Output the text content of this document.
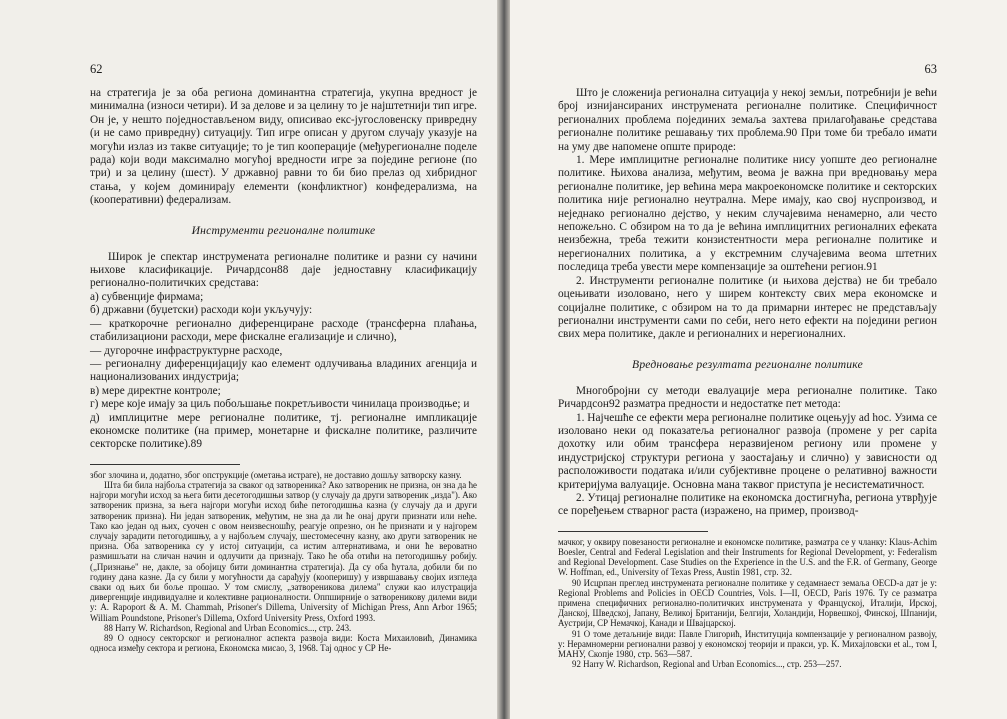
62

на стратегија је за оба региона доминантна стратегија, укупна вредност је минимална (износи четири). И за делове и за целину то је најштетнији тип игре. Он је, у нешто поједностављеном виду, описивао екс-југословенску привредну (и не само привредну) ситуацију. Тип игре описан у другом случају указује на могући излаз из такве ситуације; то је тип кооперације (међурегионалне поделе рада) који води максимално могућој вредности игре за поједине регионе (по три) и за целину (шест). У државној равни то би био прелаз од хибридног стања, у којем доминирају елементи (конфликтног) конфедерализма, на (кооперативни) федерализам.

Инструменти регионалне политике

Широк је спектар инструмената регионалне политике и разни су начини њихове класификације. Ричардсон88 даје једноставну класификацију регионално-политичких средстава:

а) субвенције фирмама;

б) државни (буџетски) расходи који укључују:

— краткорочне регионално диференциране расходе (трансферна плаћања, стабилизациони расходи, мере фискалне егализације и слично),

— дугорочне инфраструктурне расходе,

— регионалну диференцијацију као елемент одлучивања владиних агенција и национализованих индустрија;

в) мере директне контроле;

г) мере које имају за циљ побољшање покретљивости чинилаца производње; и

д) имплицитне мере регионалне политике, тј. регионалне импликације економске политике (на пример, монетарне и фискалне политике, различите секторске политике).89

због злочина и, додатно, због опструкције (ометања истраге), не доставио дошљу затворску казну.

Шта би била најбоља стратегија за сваког од затвореника? Ако затвореник не призна, он зна да ће најгори могући исход за њега бити десетогодишњи затвор (у случају да други затвореник „издa"). Ако затвореник призна, за њега најгори могући исход биће петогодишња казна (у случају да и други затвореник призна). Ни један затвореник, међутим, не зна да ли ће онај други признати или неће. Тако као један од њих, суочен с овом неизвесношћу, реагује опрезно, он ће признати и у најгорем случају зарадити петогодишњу, а у најбољем случају, шестомесечну казну, ако други затвореник не призна. Оба затвореника су у истој ситуацији, са истим алтернативама, и они ће вероватно размишљати на сличан начин и одлучити да признају. Тако ће оба отићи на петогодишњу робију. („Признање" не, дакле, за обојицу бити доминантна стратегија). Да су оба ћутала, добили би по годину дана казне. Да су били у могућности да сарађују (кооперишу) у извршавању својих изгледа сваки од њих би боље прошао. У том смислу, „затвореникова дилема" служи као илустрација дивергенције индивидуалне и колективне рационалности. Оппширније о затвореникову дилеми види у: A. Rapoport & A. M. Chammah, Prisoner's Dillema, University of Michigan Press, Ann Arbor 1965; William Poundstone, Prisoner's Dillema, Oxford University Press, Oxford 1993.

88 Harry W. Richardson, Regional and Urban Economics..., стр. 243.

89 О односу секторског и регионалног аспекта развоја види: Коста Михаиловић, Динамика односа између сектора и региона, Економска мисао, 3, 1968. Тај однос у СР Не-

63

Што је сложенија регионална ситуација у некој земљи, потребнији је већи број изнијансираних инструмената регионалне политике. Специфичност регионалних проблема појединих земаља захтева прилагођавање средстава регионалне политике решавању тих проблема.90 При томе би требало имати на уму две напомене опште природе:

1. Мере имплицитне регионалне политике нису уопште део регионалне политике. Њихова анализа, међутим, веома је важна при вредновању мера регионалне политике, јер већина мера макроекономске политике и секторских политика није регионално неутрална. Мере имају, као свој нуспроизвод, и неједнако регионално дејство, у неким случајевима ненамерно, али често непожељно. С обзиром на то да је већина имплицитних регионалних ефеката неизбежна, треба тежити конзистентности мера регионалне политике и нерегионалних политика, а у екстремним случајевима веома штетних последица треба увести мере компензације за оштећени регион.91

2. Инструменти регионалне политике (и њихова дејства) не би требало оцењивати изоловано, него у ширем контексту свих мера економске и социјалне политике, с обзиром на то да примарни интерес не представљају регионални инструменти сами по себи, него нето ефекти на поједини регион свих мера политике, дакле и регионалних и нерегионалних.

Вредновање резултата регионалне политике

Многобројни су методи евалуације мера регионалне политике. Тако Ричардсон92 разматра предности и недостатке пет метода:

1. Најчешће се ефекти мера регионалне политике оцењују ad hoc. Узима се изоловано неки од показатеља регионалног развоја (промене у per capita дохотку или обим трансфера неразвијеном региону или промене у индустријској структури региона у заостајању и слично) у зависности од расположивости података и/или субјективне процене о релативној важности критеријума валуације. Основна мана таквог приступа је несистематичност.

2. Утицај регионалне политике на економска достигнућа, региона утврђује се поређењем стварног раста (изражено, на пример, производ-

мачког, у оквиру повезаности регионалне и економске политике, разматра се у чланку: Klaus-Achim Boesler, Central and Federal Legislation and their Instruments for Regional Development, у: Federalism and Regional Development. Case Studies on the Experience in the U.S. and the F.R. of Germany, George W. Hoffman, ed., University of Texas Press, Austin 1981, стр. 32.

90 Исцрпан преглед инструмената регионалне политике у седамнаест земаља OECD-а дат је у: Regional Problems and Policies in OECD Countries, Vols. I—II, OECD, Paris 1976. Ту се разматра примена специфичних регионално-политичких инструмената у Француској, Италији, Ирској, Данској, Шведској, Јапану, Великој Британији, Белгији, Холандији, Норвешкој, Финској, Шпанији, Аустрији, СР Немачкој, Канади и Швајцарској.

91 О томе детаљније види: Павле Глигорић, Институција компензације у регионалном развоју, у: Нерамномерни регионални развој у економској теорији и пракси, ур. К. Михајловски et al., том I, МАНУ, Скопје 1980, стр. 563—587.

92 Harry W. Richardson, Regional and Urban Economics..., стр. 253—257.
